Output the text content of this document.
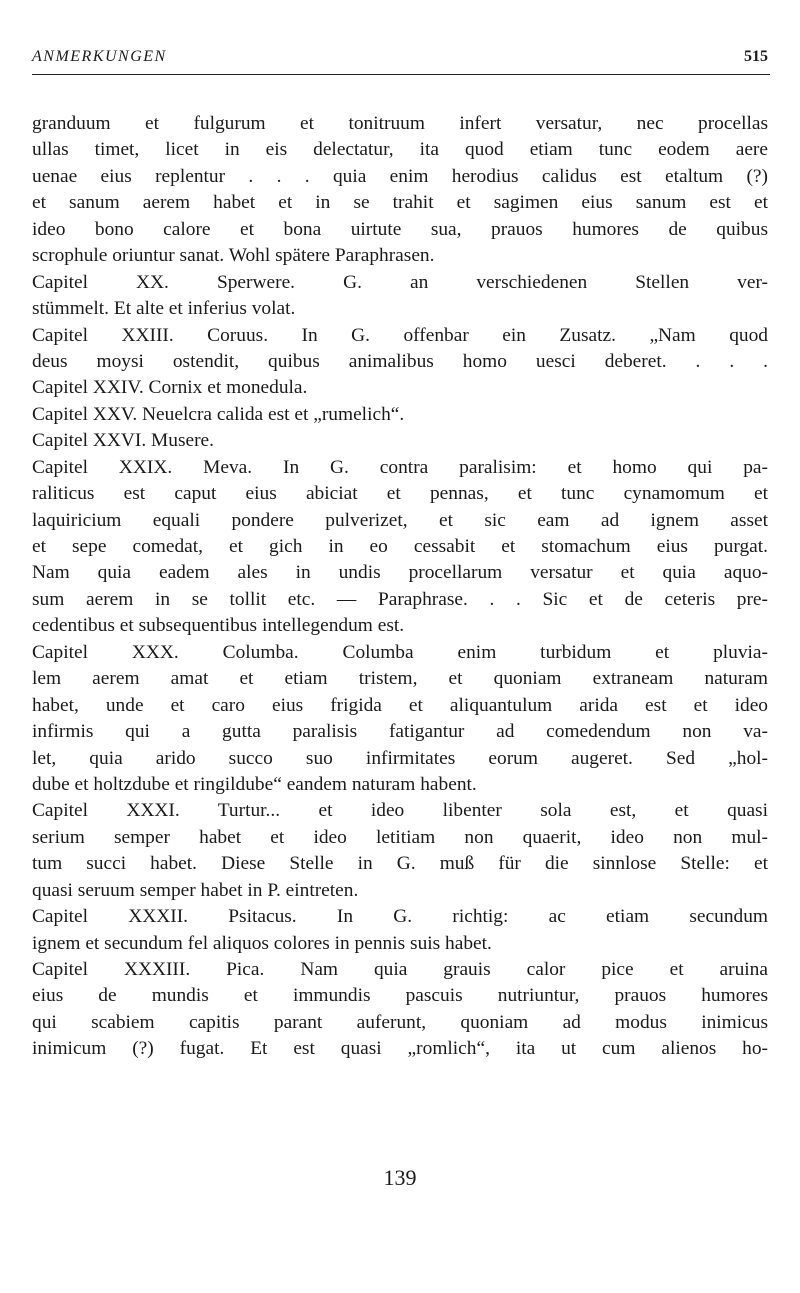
ANMERKUNGEN	515
granduum et fulgurum et tonitruum infert versatur, nec procellas
ullas timet, licet in eis delectatur, ita quod etiam tunc eodem aere
uenae eius replentur . . . quia enim herodius calidus est etaltum (?)
et sanum aerem habet et in se trahit et sagimen eius sanum est et
ideo bono calore et bona uirtute sua, prauos humores de quibus
scrophule oriuntur sanat. Wohl spätere Paraphrasen.
Capitel XX. Sperwere. G. an verschiedenen Stellen ver-
stümmelt. Et alte et inferius volat.
Capitel XXIII. Coruus. In G. offenbar ein Zusatz. „Nam quod
deus moysi ostendit, quibus animalibus homo uesci deberet. . . .
Capitel XXIV. Cornix et monedula.
Capitel XXV. Neuelcra calida est et „rumelich“.
Capitel XXVI. Musere.
Capitel XXIX. Meva. In G. contra paralisim: et homo qui pa-
raliticus est caput eius abiciat et pennas, et tunc cynamomum et
laquiricium equali pondere pulverizet, et sic eam ad ignem asset
et sepe comedat, et gich in eo cessabit et stomachum eius purgat.
Nam quia eadem ales in undis procellarum versatur et quia aquo-
sum aerem in se tollit etc. — Paraphrase. . . Sic et de ceteris pre-
cedentibus et subsequentibus intellegendum est.
Capitel XXX. Columba. Columba enim turbidum et pluvia-
lem aerem amat et etiam tristem, et quoniam extraneam naturam
habet, unde et caro eius frigida et aliquantulum arida est et ideo
infirmis qui a gutta paralisis fatigantur ad comedendum non va-
let, quia arido succo suo infirmitates eorum augeret. Sed „hol-
dube et holtzdube et ringildube“ eandem naturam habent.
Capitel XXXI. Turtur... et ideo libenter sola est, et quasi
serium semper habet et ideo letitiam non quaerit, ideo non mul-
tum succi habet. Diese Stelle in G. muß für die sinnlose Stelle: et
quasi seruum semper habet in P. eintreten.
Capitel XXXII. Psitacus. In G. richtig: ac etiam secundum
ignem et secundum fel aliquos colores in pennis suis habet.
Capitel XXXIII. Pica. Nam quia grauis calor pice et aruina
eius de mundis et immundis pascuis nutriuntur, prauos humores
qui scabiem capitis parant auferunt, quoniam ad modus inimicus
inimicum (?) fugat. Et est quasi „romlich“, ita ut cum alienos ho-
139
